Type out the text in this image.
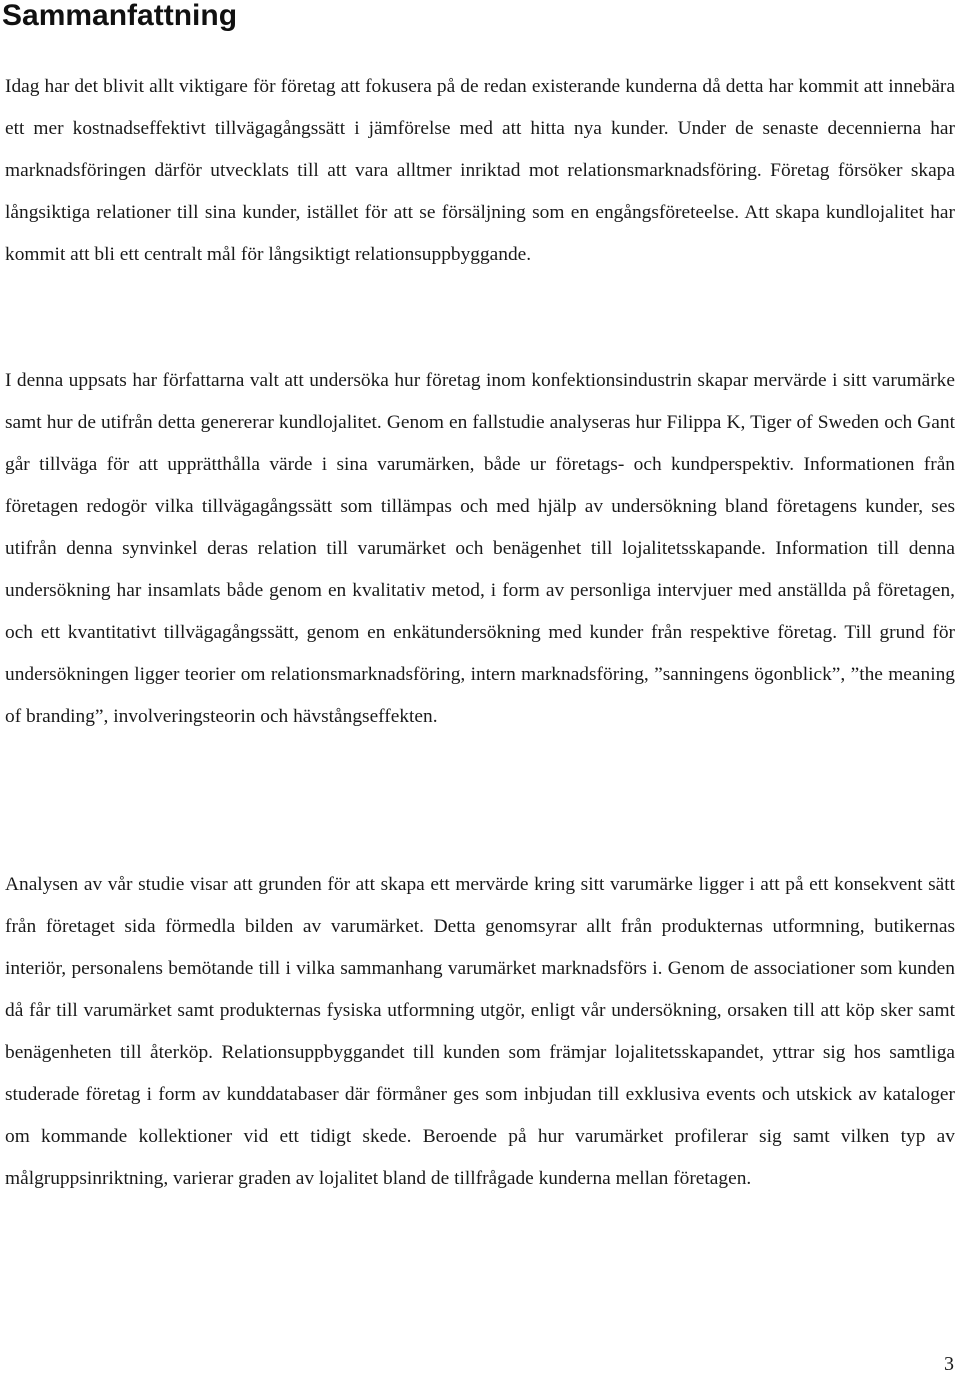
Sammanfattning

Idag har det blivit allt viktigare för företag att fokusera på de redan existerande kunderna då detta har kommit att innebära ett mer kostnadseffektivt tillvägagångssätt i jämförelse med att hitta nya kunder. Under de senaste decennierna har marknadsföringen därför utvecklats till att vara alltmer inriktad mot relationsmarknadsföring. Företag försöker skapa långsiktiga relationer till sina kunder, istället för att se försäljning som en engångsföreteelse. Att skapa kundlojalitet har kommit att bli ett centralt mål för långsiktigt relationsuppbyggande.

I denna uppsats har författarna valt att undersöka hur företag inom konfektionsindustrin skapar mervärde i sitt varumärke samt hur de utifrån detta genererar kundlojalitet. Genom en fallstudie analyseras hur Filippa K, Tiger of Sweden och Gant går tillväga för att upprätthålla värde i sina varumärken, både ur företags- och kundperspektiv. Informationen från företagen redogör vilka tillvägagångssätt som tillämpas och med hjälp av undersökning bland företagens kunder, ses utifrån denna synvinkel deras relation till varumärket och benägenhet till lojalitetsskapande. Information till denna undersökning har insamlats både genom en kvalitativ metod, i form av personliga intervjuer med anställda på företagen, och ett kvantitativt tillvägagångssätt, genom en enkätundersökning med kunder från respektive företag. Till grund för undersökningen ligger teorier om relationsmarknadsföring, intern marknadsföring, ”sanningens ögonblick”, ”the meaning of branding”, involveringsteorin och hävstångseffekten.

Analysen av vår studie visar att grunden för att skapa ett mervärde kring sitt varumärke ligger i att på ett konsekvent sätt från företaget sida förmedla bilden av varumärket. Detta genomsyrar allt från produkternas utformning, butikernas interiör, personalens bemötande till i vilka sammanhang varumärket marknadsförs i. Genom de associationer som kunden då får till varumärket samt produkternas fysiska utformning utgör, enligt vår undersökning, orsaken till att köp sker samt benägenheten till återköp. Relationsuppbyggandet till kunden som främjar lojalitetsskapandet, yttrar sig hos samtliga studerade företag i form av kunddatabaser där förmåner ges som inbjudan till exklusiva events och utskick av kataloger om kommande kollektioner vid ett tidigt skede. Beroende på hur varumärket profilerar sig samt vilken typ av målgruppsinriktning, varierar graden av lojalitet bland de tillfrågade kunderna mellan företagen.

3
